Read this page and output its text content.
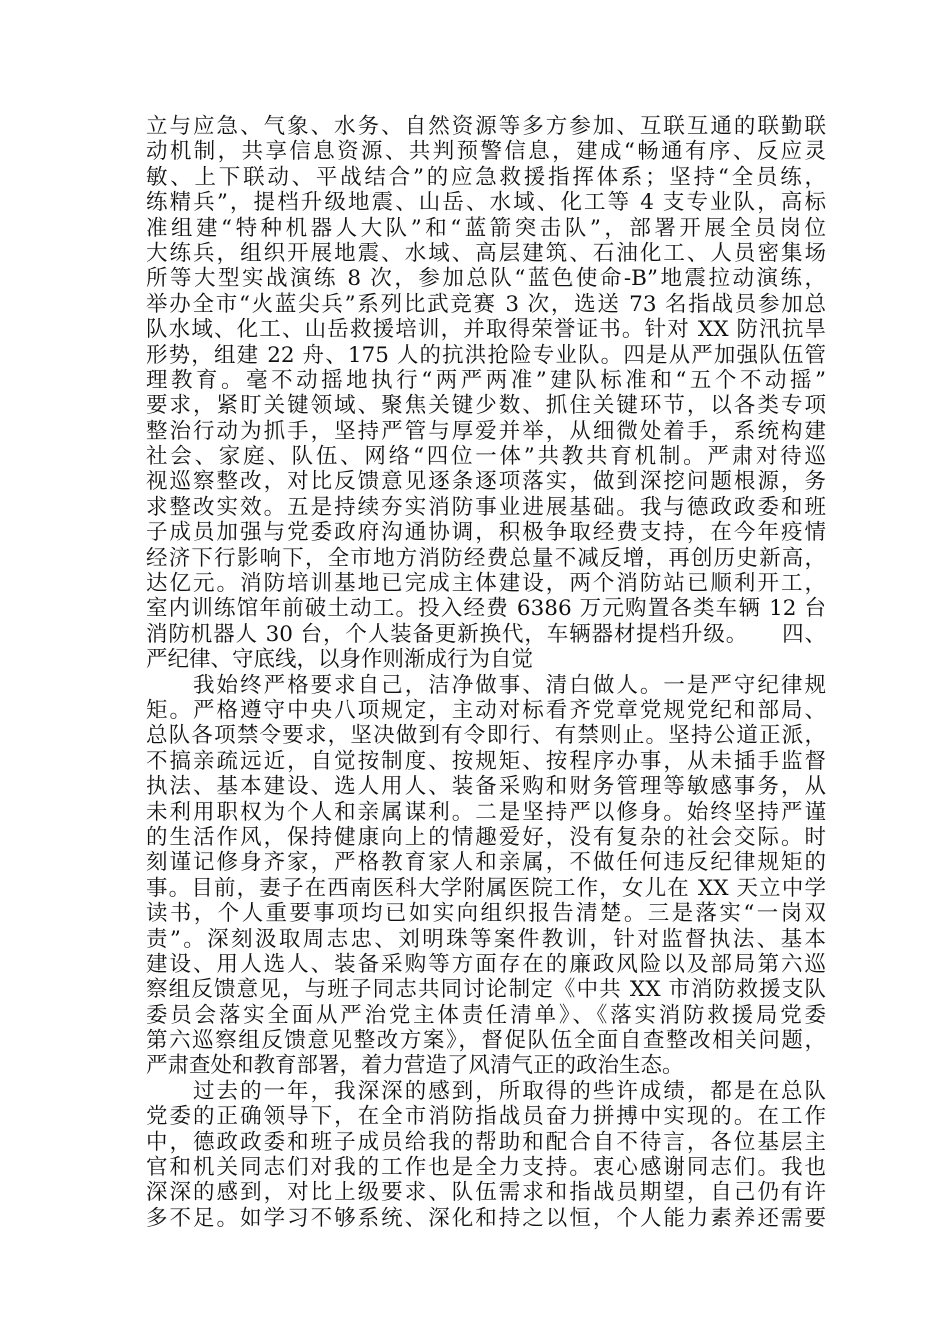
立与应急、气象、水务、自然资源等多方参加、互联互通的联勤联
动机制，共享信息资源、共判预警信息，建成“畅通有序、反应灵
敏、上下联动、平战结合”的应急救援指挥体系；坚持“全员练，
练精兵”，提档升级地震、山岳、水域、化工等 4 支专业队，高标
准组建“特种机器人大队”和“蓝箭突击队”，部署开展全员岗位
大练兵，组织开展地震、水域、高层建筑、石油化工、人员密集场
所等大型实战演练 8 次，参加总队“蓝色使命-B”地震拉动演练，
举办全市“火蓝尖兵”系列比武竞赛 3 次，选送 73 名指战员参加总
队水域、化工、山岳救援培训，并取得荣誉证书。针对 XX 防汛抗旱
形势，组建 22 舟、175 人的抗洪抢险专业队。四是从严加强队伍管
理教育。毫不动摇地执行“两严两准”建队标准和“五个不动摇”
要求，紧盯关键领域、聚焦关键少数、抓住关键环节，以各类专项
整治行动为抓手，坚持严管与厚爱并举，从细微处着手，系统构建
社会、家庭、队伍、网络“四位一体”共教共育机制。严肃对待巡
视巡察整改，对比反馈意见逐条逐项落实，做到深挖问题根源，务
求整改实效。五是持续夯实消防事业进展基础。我与德政政委和班
子成员加强与党委政府沟通协调，积极争取经费支持，在今年疫情
经济下行影响下，全市地方消防经费总量不减反增，再创历史新高，
达亿元。消防培训基地已完成主体建设，两个消防站已顺利开工，
室内训练馆年前破土动工。投入经费 6386 万元购置各类车辆 12 台
消防机器人 30 台，个人装备更新换代，车辆器材提档升级。　　四、
严纪律、守底线，以身作则渐成行为自觉
　　我始终严格要求自己，洁净做事、清白做人。一是严守纪律规
矩。严格遵守中央八项规定，主动对标看齐党章党规党纪和部局、
总队各项禁令要求，坚决做到有令即行、有禁则止。坚持公道正派，
不搞亲疏远近，自觉按制度、按规矩、按程序办事，从未插手监督
执法、基本建设、选人用人、装备采购和财务管理等敏感事务，从
未利用职权为个人和亲属谋利。二是坚持严以修身。始终坚持严谨
的生活作风，保持健康向上的情趣爱好，没有复杂的社会交际。时
刻谨记修身齐家，严格教育家人和亲属，不做任何违反纪律规矩的
事。目前，妻子在西南医科大学附属医院工作，女儿在 XX 天立中学
读书，个人重要事项均已如实向组织报告清楚。三是落实“一岗双
责”。深刻汲取周志忠、刘明珠等案件教训，针对监督执法、基本
建设、用人选人、装备采购等方面存在的廉政风险以及部局第六巡
察组反馈意见，与班子同志共同讨论制定《中共 XX 市消防救援支队
委员会落实全面从严治党主体责任清单》、《落实消防救援局党委
第六巡察组反馈意见整改方案》，督促队伍全面自查整改相关问题，
严肃查处和教育部署，着力营造了风清气正的政治生态。
　　过去的一年，我深深的感到，所取得的些许成绩，都是在总队
党委的正确领导下，在全市消防指战员奋力拼搏中实现的。在工作
中，德政政委和班子成员给我的帮助和配合自不待言，各位基层主
官和机关同志们对我的工作也是全力支持。衷心感谢同志们。我也
深深的感到，对比上级要求、队伍需求和指战员期望，自己仍有许
多不足。如学习不够系统、深化和持之以恒，个人能力素养还需要
